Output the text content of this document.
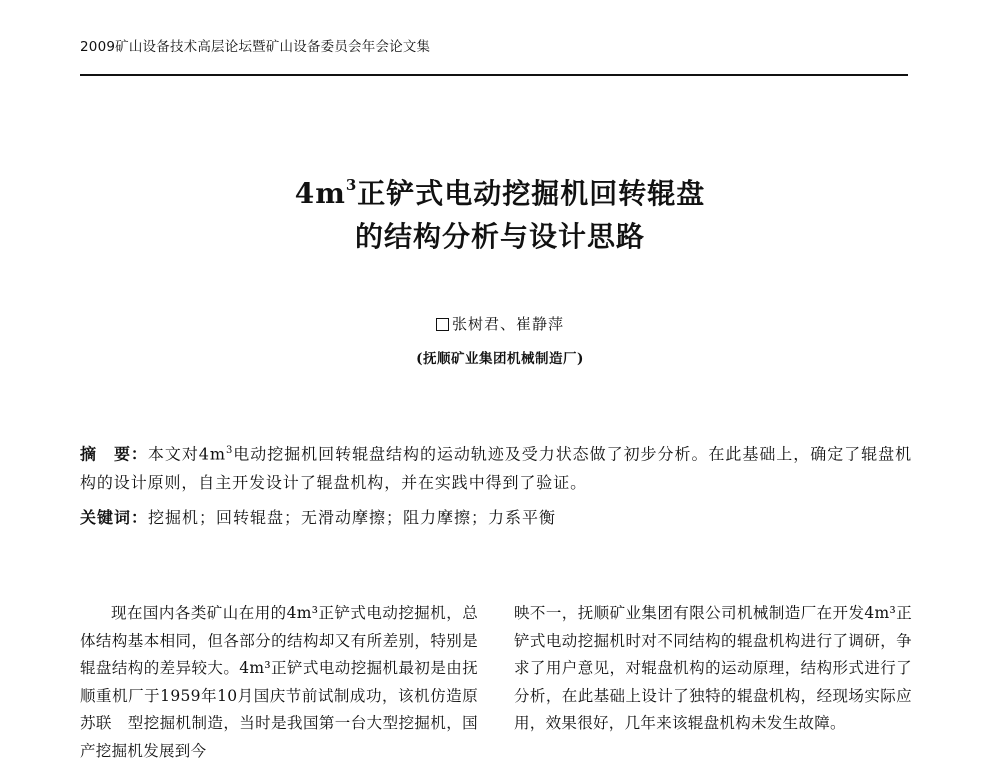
2009矿山设备技术高层论坛暨矿山设备委员会年会论文集
$4m^3$正铲式电动挖掘机回转辊盘
的结构分析与设计思路
张树君、崔静萍
(抚顺矿业集团机械制造厂)
摘　要：本文对$4m^3$电动挖掘机回转辊盘结构的运动轨迹及受力状态做了初步分析。在此基础上，确定了辊盘机构的设计原则，自主开发设计了辊盘机构，并在实践中得到了验证。
关键词：挖掘机；回转辊盘；无滑动摩擦；阻力摩擦；力系平衡

现在国内各类矿山在用的4m³正铲式电动挖掘机，总体结构基本相同，但各部分的结构却又有所差别，特别是辊盘结构的差异较大。4m³正铲式电动挖掘机最初是由抚顺重机厂于1959年10月国庆节前试制成功，该机仿造原苏联　型挖掘机制造，当时是我国第一台大型挖掘机，国产挖掘机发展到今

映不一，抚顺矿业集团有限公司机械制造厂在开发4m³正铲式电动挖掘机时对不同结构的辊盘机构进行了调研，争求了用户意见，对辊盘机构的运动原理，结构形式进行了分析，在此基础上设计了独特的辊盘机构，经现场实际应用，效果很好，几年来该辊盘机构未发生故障。
